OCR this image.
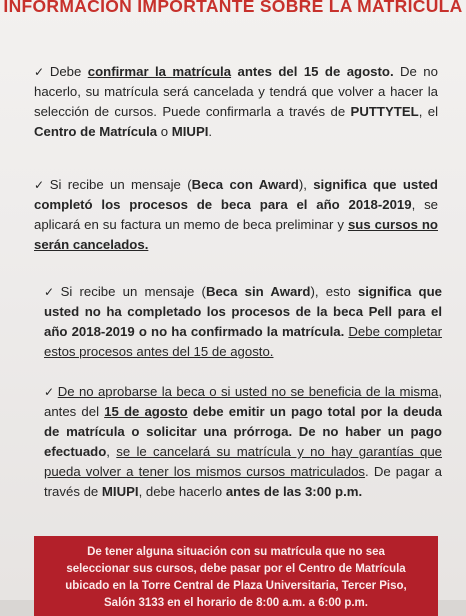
INFORMACION IMPORTANTE SOBRE LA MATRICULA
✓ Debe confirmar la matrícula antes del 15 de agosto. De no hacerlo, su matrícula será cancelada y tendrá que volver a hacer la selección de cursos. Puede confirmarla a través de PUTTYTEL, el Centro de Matrícula o MIUPI.
✓ Si recibe un mensaje (Beca con Award), significa que usted completó los procesos de beca para el año 2018-2019, se aplicará en su factura un memo de beca preliminar y sus cursos no serán cancelados.
✓ Si recibe un mensaje (Beca sin Award), esto significa que usted no ha completado los procesos de la beca Pell para el año 2018-2019 o no ha confirmado la matrícula. Debe completar estos procesos antes del 15 de agosto.
✓ De no aprobarse la beca o si usted no se beneficia de la misma, antes del 15 de agosto debe emitir un pago total por la deuda de matrícula o solicitar una prórroga. De no haber un pago efectuado, se le cancelará su matrícula y no hay garantías que pueda volver a tener los mismos cursos matriculados. De pagar a través de MIUPI, debe hacerlo antes de las 3:00 p.m.
De tener alguna situación con su matrícula que no sea
seleccionar sus cursos, debe pasar por el Centro de Matrícula
ubicado en la Torre Central de Plaza Universitaria, Tercer Piso,
Salón 3133 en el horario de 8:00 a.m. a 6:00 p.m.
